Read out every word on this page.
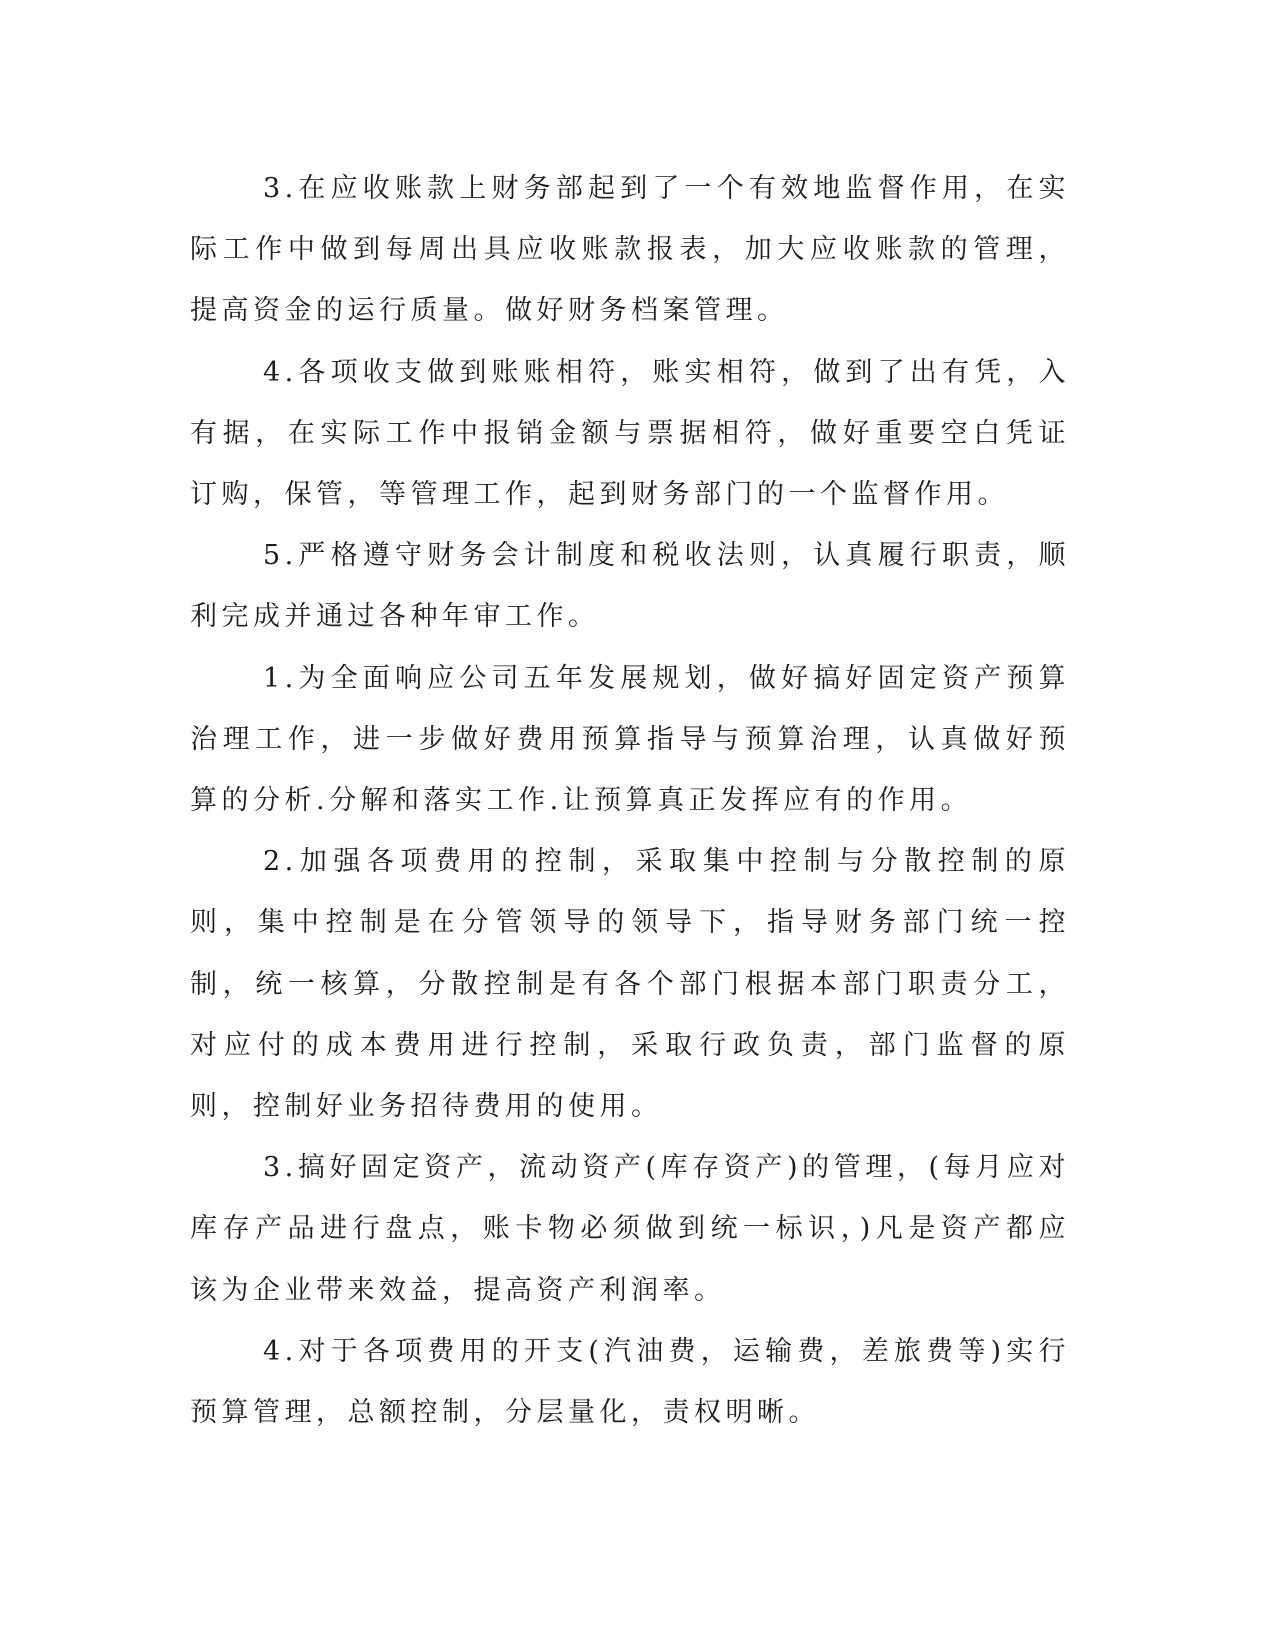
3.在应收账款上财务部起到了一个有效地监督作用，在实际工作中做到每周出具应收账款报表，加大应收账款的管理，提高资金的运行质量。做好财务档案管理。

4.各项收支做到账账相符，账实相符，做到了出有凭，入有据，在实际工作中报销金额与票据相符，做好重要空白凭证订购，保管，等管理工作，起到财务部门的一个监督作用。

5.严格遵守财务会计制度和税收法则，认真履行职责，顺利完成并通过各种年审工作。

1.为全面响应公司五年发展规划，做好搞好固定资产预算治理工作，进一步做好费用预算指导与预算治理，认真做好预算的分析.分解和落实工作.让预算真正发挥应有的作用。

2.加强各项费用的控制，采取集中控制与分散控制的原则，集中控制是在分管领导的领导下，指导财务部门统一控制，统一核算，分散控制是有各个部门根据本部门职责分工，对应付的成本费用进行控制，采取行政负责，部门监督的原则，控制好业务招待费用的使用。

3.搞好固定资产，流动资产(库存资产)的管理，(每月应对库存产品进行盘点，账卡物必须做到统一标识，)凡是资产都应该为企业带来效益，提高资产利润率。

4.对于各项费用的开支(汽油费，运输费，差旅费等)实行预算管理，总额控制，分层量化，责权明晰。
